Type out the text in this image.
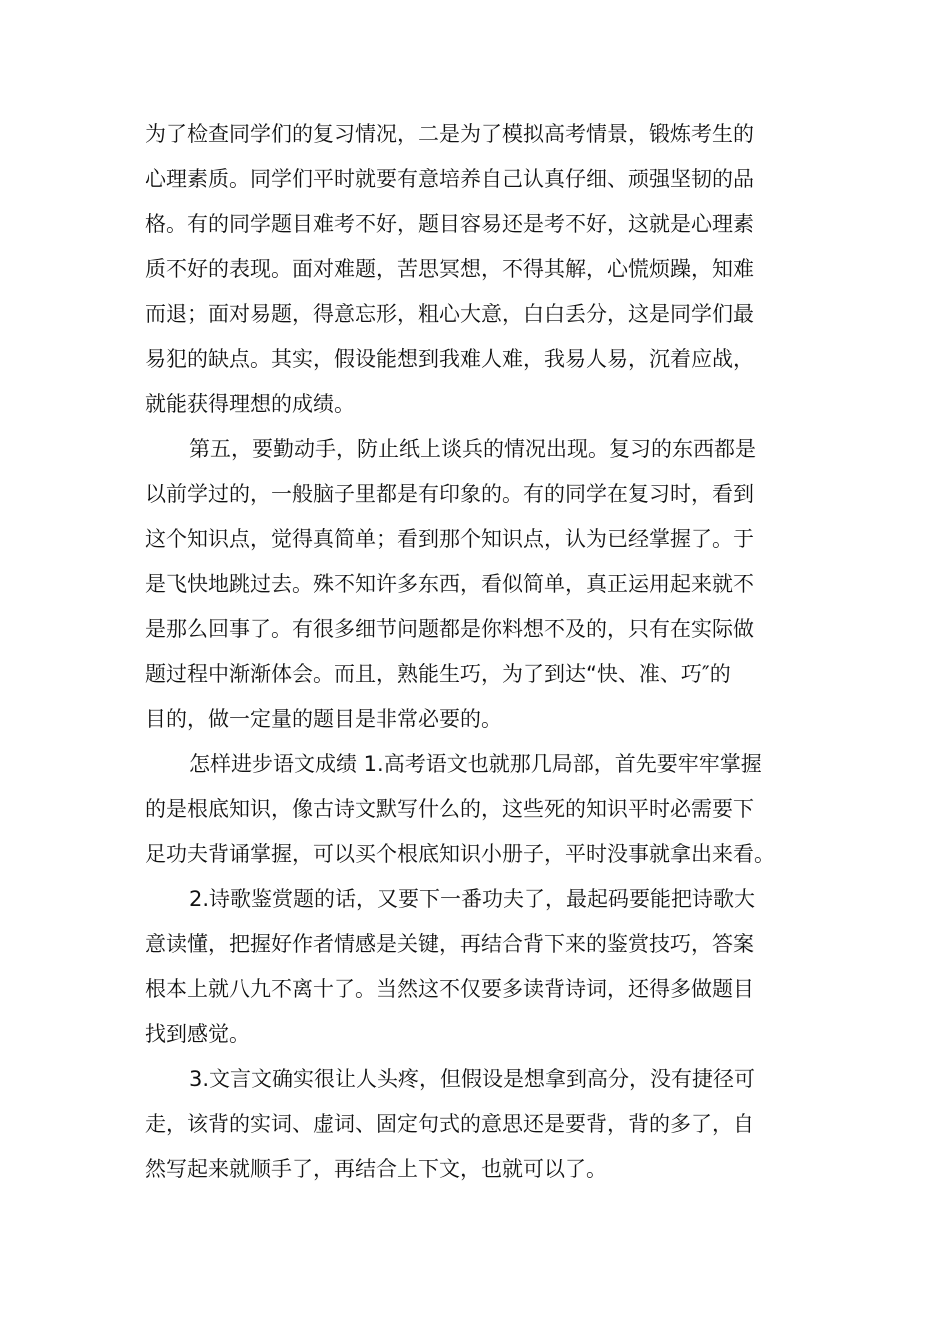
为了检查同学们的复习情况，二是为了模拟高考情景，锻炼考生的
心理素质。同学们平时就要有意培养自己认真仔细、顽强坚韧的品
格。有的同学题目难考不好，题目容易还是考不好，这就是心理素
质不好的表现。面对难题，苦思冥想，不得其解，心慌烦躁，知难
而退；面对易题，得意忘形，粗心大意，白白丢分，这是同学们最
易犯的缺点。其实，假设能想到我难人难，我易人易，沉着应战，
就能获得理想的成绩。
第五，要勤动手，防止纸上谈兵的情况出现。复习的东西都是
以前学过的，一般脑子里都是有印象的。有的同学在复习时，看到
这个知识点，觉得真简单；看到那个知识点，认为已经掌握了。于
是飞快地跳过去。殊不知许多东西，看似简单，真正运用起来就不
是那么回事了。有很多细节问题都是你料想不及的，只有在实际做
题过程中渐渐体会。而且，熟能生巧，为了到达“快、准、巧″的
目的，做一定量的题目是非常必要的。
怎样进步语文成绩 1.高考语文也就那几局部，首先要牢牢掌握
的是根底知识，像古诗文默写什么的，这些死的知识平时必需要下
足功夫背诵掌握，可以买个根底知识小册子，平时没事就拿出来看。
2.诗歌鉴赏题的话，又要下一番功夫了，最起码要能把诗歌大
意读懂，把握好作者情感是关键，再结合背下来的鉴赏技巧，答案
根本上就八九不离十了。当然这不仅要多读背诗词，还得多做题目
找到感觉。
3.文言文确实很让人头疼，但假设是想拿到高分，没有捷径可
走，该背的实词、虚词、固定句式的意思还是要背，背的多了，自
然写起来就顺手了，再结合上下文，也就可以了。
